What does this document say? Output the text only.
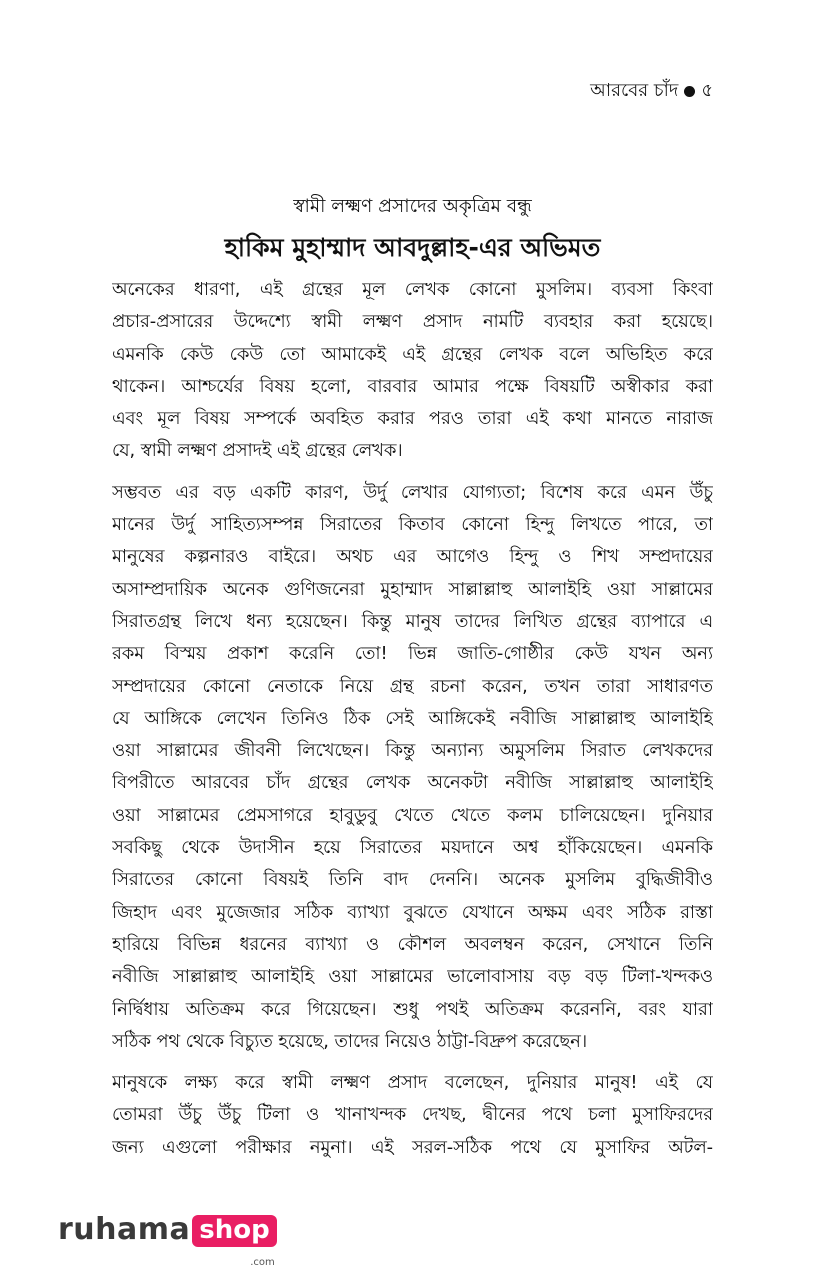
আরবের চাঁদ ৫
স্বামী লক্ষ্মণ প্রসাদের অকৃত্রিম বন্ধু
হাকিম মুহাম্মাদ আবদুল্লাহ-এর অভিমত
অনেকের ধারণা, এই গ্রন্থের মূল লেখক কোনো মুসলিম। ব্যবসা কিংবা
প্রচার-প্রসারের উদ্দেশ্যে স্বামী লক্ষ্মণ প্রসাদ নামটি ব্যবহার করা হয়েছে।
এমনকি কেউ কেউ তো আমাকেই এই গ্রন্থের লেখক বলে অভিহিত করে
থাকেন। আশ্চর্যের বিষয় হলো, বারবার আমার পক্ষে বিষয়টি অস্বীকার করা
এবং মূল বিষয় সম্পর্কে অবহিত করার পরও তারা এই কথা মানতে নারাজ
যে, স্বামী লক্ষ্মণ প্রসাদই এই গ্রন্থের লেখক।
সম্ভবত এর বড় একটি কারণ, উর্দু লেখার যোগ্যতা; বিশেষ করে এমন উঁচু
মানের উর্দু সাহিত্যসম্পন্ন সিরাতের কিতাব কোনো হিন্দু লিখতে পারে, তা
মানুষের কল্পনারও বাইরে। অথচ এর আগেও হিন্দু ও শিখ সম্প্রদায়ের
অসাম্প্রদায়িক অনেক গুণিজনেরা মুহাম্মাদ সাল্লাল্লাহু আলাইহি ওয়া সাল্লামের
সিরাতগ্রন্থ লিখে ধন্য হয়েছেন। কিন্তু মানুষ তাদের লিখিত গ্রন্থের ব্যাপারে এ
রকম বিস্ময় প্রকাশ করেনি তো! ভিন্ন জাতি-গোষ্ঠীর কেউ যখন অন্য
সম্প্রদায়ের কোনো নেতাকে নিয়ে গ্রন্থ রচনা করেন, তখন তারা সাধারণত
যে আঙ্গিকে লেখেন তিনিও ঠিক সেই আঙ্গিকেই নবীজি সাল্লাল্লাহু আলাইহি
ওয়া সাল্লামের জীবনী লিখেছেন। কিন্তু অন্যান্য অমুসলিম সিরাত লেখকদের
বিপরীতে আরবের চাঁদ গ্রন্থের লেখক অনেকটা নবীজি সাল্লাল্লাহু আলাইহি
ওয়া সাল্লামের প্রেমসাগরে হাবুডুবু খেতে খেতে কলম চালিয়েছেন। দুনিয়ার
সবকিছু থেকে উদাসীন হয়ে সিরাতের ময়দানে অশ্ব হাঁকিয়েছেন। এমনকি
সিরাতের কোনো বিষয়ই তিনি বাদ দেননি। অনেক মুসলিম বুদ্ধিজীবীও
জিহাদ এবং মুজেজার সঠিক ব্যাখ্যা বুঝতে যেখানে অক্ষম এবং সঠিক রাস্তা
হারিয়ে বিভিন্ন ধরনের ব্যাখ্যা ও কৌশল অবলম্বন করেন, সেখানে তিনি
নবীজি সাল্লাল্লাহু আলাইহি ওয়া সাল্লামের ভালোবাসায় বড় বড় টিলা-খন্দকও
নির্দ্বিধায় অতিক্রম করে গিয়েছেন। শুধু পথই অতিক্রম করেননি, বরং যারা
সঠিক পথ থেকে বিচ্যুত হয়েছে, তাদের নিয়েও ঠাট্টা-বিদ্রুপ করেছেন।
মানুষকে লক্ষ্য করে স্বামী লক্ষ্মণ প্রসাদ বলেছেন, দুনিয়ার মানুষ! এই যে
তোমরা উঁচু উঁচু টিলা ও খানাখন্দক দেখছ, দ্বীনের পথে চলা মুসাফিরদের
জন্য এগুলো পরীক্ষার নমুনা। এই সরল-সঠিক পথে যে মুসাফির অটল-
ruhama shop
.com
